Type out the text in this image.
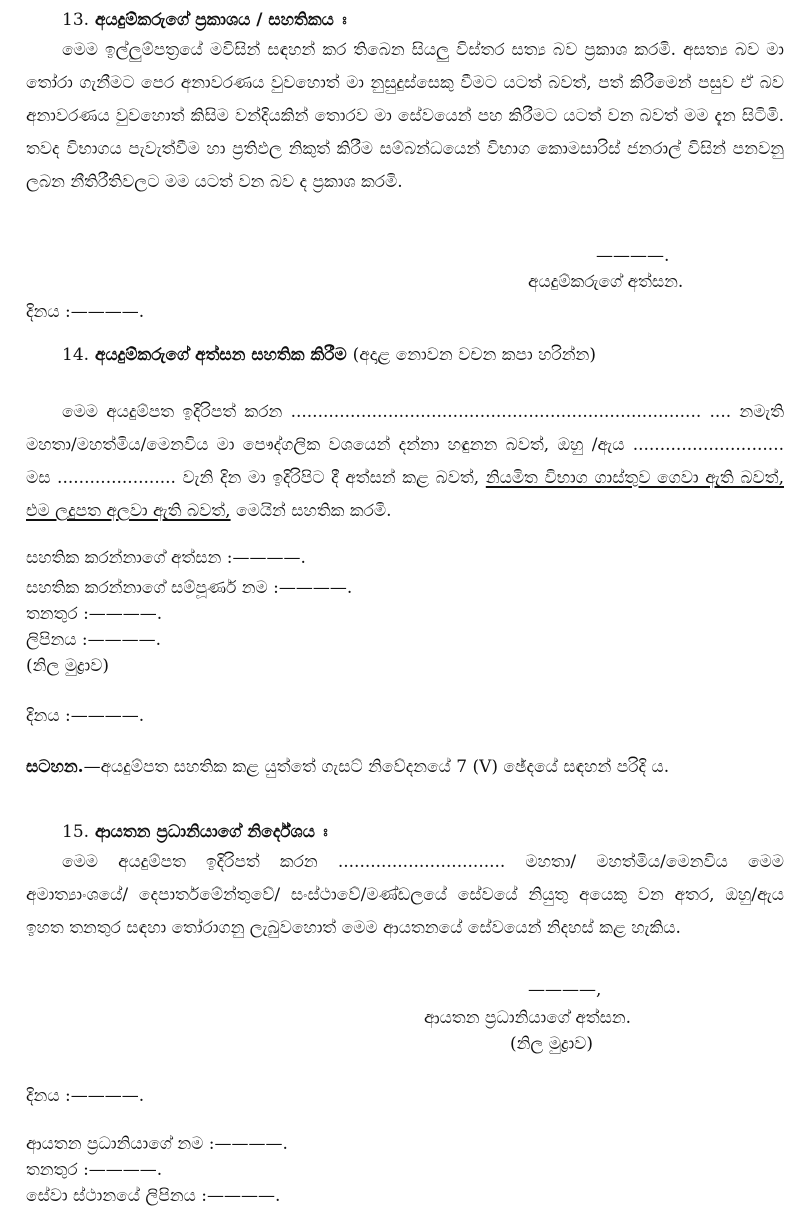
13. අයදුම්කරුගේ ප්‍රකාශය / සහතිකය ඃ
මෙම ඉල්ලුම්පත්‍රයේ මවිසින් සඳහන් කර තිබෙන සියලු විස්තර සත්‍ය බව ප්‍රකාශ කරමි. අසත්‍ය බව මා තෝරා ගැනීමට පෙර අනාවරණය වුවහොත් මා නුසුදුස්සෙකු වීමට යටත් බවත්, පත් කිරීමෙන් පසුව ඒ බව අනාවරණය වුවහොත් කිසිම වන්දියකින් තොරව මා සේවයෙන් පහ කිරීමට යටත් වන බවත් මම දැන සිටිමි. තවද විභාගය පැවැත්වීම හා ප්‍රතිඵල නිකුත් කිරීම සම්බන්ධයෙන් විභාග කොමසාරිස් ජනරාල් විසින් පනවනු ලබන නීතිරීතිවලට මම යටත් වන බව ද ප්‍රකාශ කරමි.
————.
අයදුම්කරුගේ අත්සන.
දිනය :————.
14. අයදුම්කරුගේ අත්සන සහතික කිරීම (අදාළ නොවන වචන කපා හරින්න)
මෙම අයදුම්පත ඉදිරිපත් කරන ............................................................................ .... නමැති මහතා/මහත්මිය/මෙනවිය මා පෞද්ගලික වශයෙන් දන්නා හඳුනන බවත්, ඔහු /ඇය ............................ මස ...................... වැනි දින මා ඉදිරිපිට දී අත්සන් කළ බවත්, නියමිත විභාග ගාස්තුව ගෙවා ඇති බවත්, එම ලදුපත අලවා ඇති බවත්, මෙයින් සහතික කරමි.
සහතික කරන්නාගේ අත්සන :————.
සහතික කරන්නාගේ සම්පූර්ණ නම :————.
තනතුර :————.
ලිපිනය :————.
(නිල මුද්‍රාව)
දිනය :————.
සටහන.—අයදුම්පත සහතික කළ යුත්තේ ගැසට් නිවේදනයේ 7 (V) ඡේදයේ සඳහන් පරිදි ය.
15. ආයතන ප්‍රධානියාගේ නිර්දේශය ඃ
මෙම අයදුම්පත ඉදිරිපත් කරන ............................... මහතා/ මහත්මිය/මෙනවිය මෙම අමාත්‍යාංශයේ/ දෙපාර්තමේන්තුවේ/ සංස්ථාවේ/මණ්ඩලයේ සේවයේ නියුතු අයෙකු වන අතර, ඔහු/ඇය ඉහත තනතුර සඳහා තෝරාගනු ලැබුවහොත් මෙම ආයතනයේ සේවයෙන් නිදහස් කළ හැකිය.
————,
ආයතන ප්‍රධානියාගේ අත්සන.
(නිල මුද්‍රාව)
දිනය :————.
ආයතන ප්‍රධානියාගේ නම :————.
තනතුර :————.
සේවා ස්ථානයේ ලිපිනය :————.
